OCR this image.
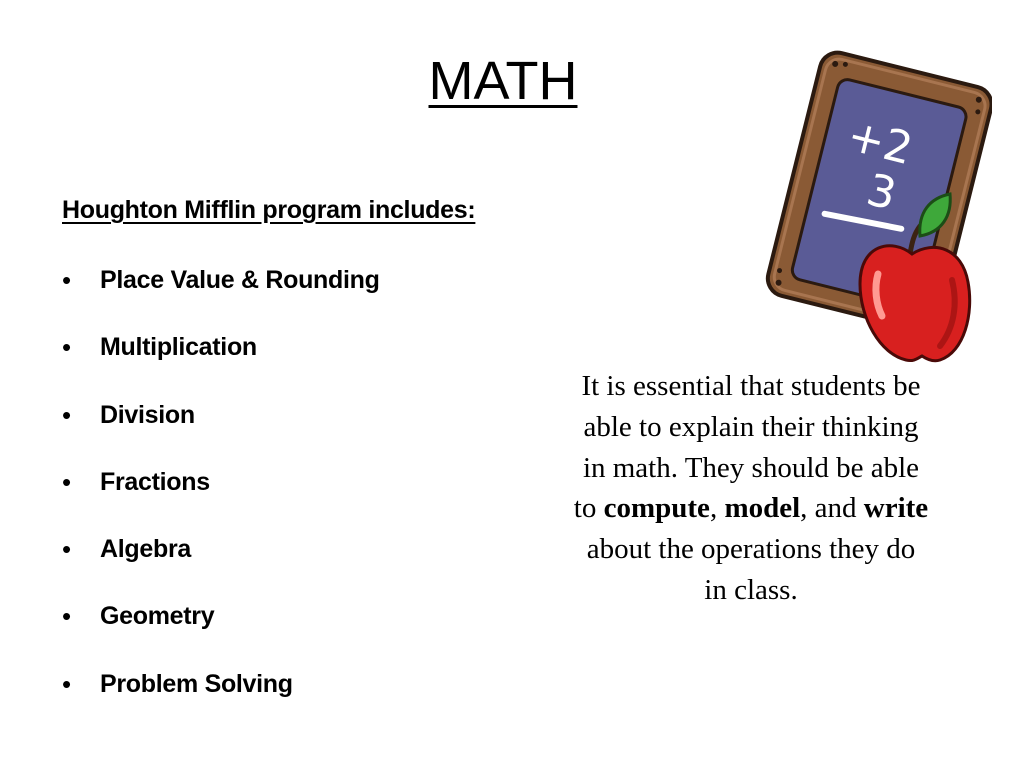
MATH
Houghton Mifflin program includes:
• Place Value & Rounding
• Multiplication
• Division
• Fractions
• Algebra
• Geometry
• Problem Solving
It is essential that students be able to explain their thinking in math. They should be able to compute, model, and write about the operations they do in class.
+2
3
